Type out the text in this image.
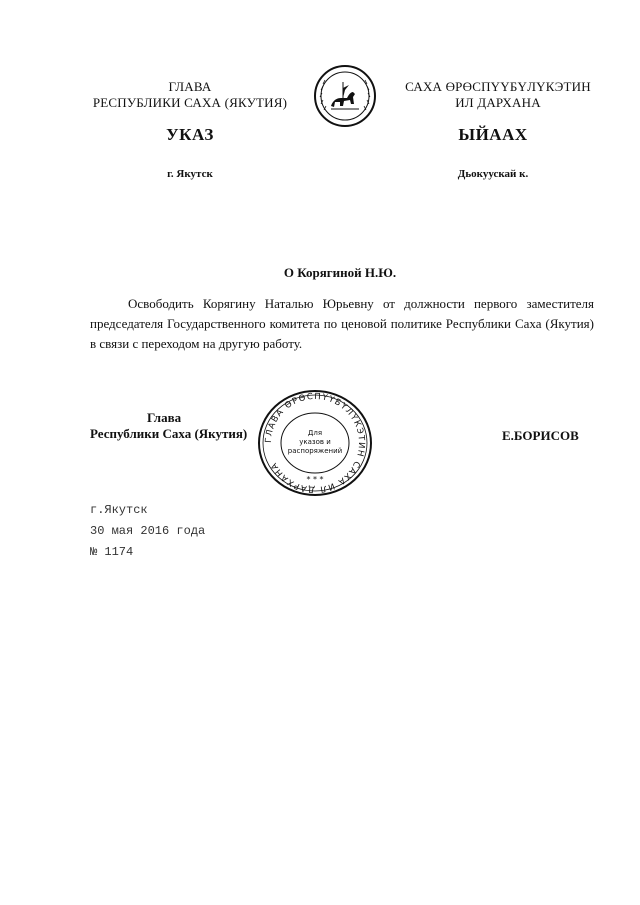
ГЛАВА
РЕСПУБЛИКИ САХА (ЯКУТИЯ)
САХА ӨРӨСПҮҮБҮЛҮКЭТИН
ИЛ ДАРХАНА
УКАЗ	ЫЙААХ
г. Якутск	Дьокуускай к.
О Корягиной Н.Ю.
Освободить Корягину Наталью Юрьевну от должности первого заместителя председателя Государственного комитета по ценовой политике Республики Саха (Якутия) в связи с переходом на другую работу.
Глава
Республики Саха (Якутия)	Е.БОРИСОВ
ГЛАВА ӨРӨСПҮҮБҮЛҮКЭТИН САХА ИЛ ДАРХАНА
Для
указов и
распоряжений
* * *
г.Якутск
30 мая 2016 года
№ 1174
